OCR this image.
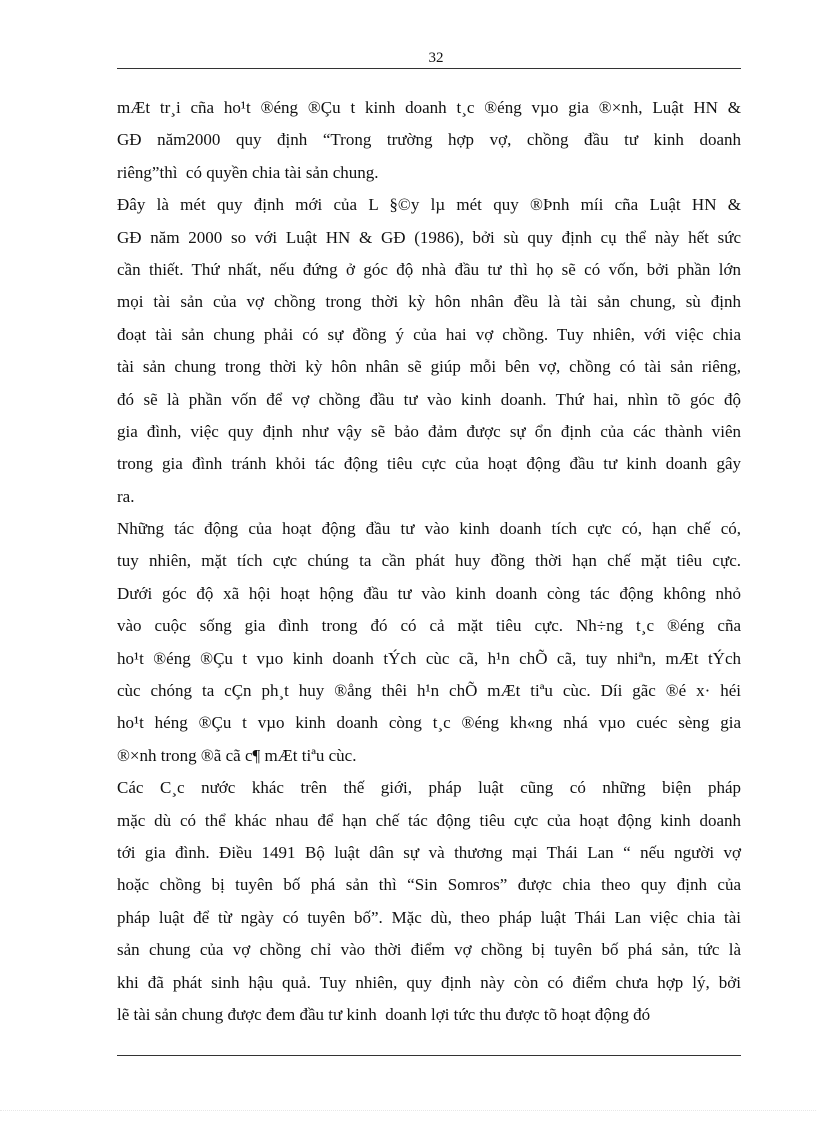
32
mÆt tr¸i cña ho¹t ®éng ®Çu t kinh doanh t¸c ®éng vµo gia ®×nh, Luật HN &
GĐ năm2000 quy định “Trong trường hợp vợ, chồng đầu tư kinh doanh
riêng”thì  có quyền chia tài sản chung.
Đây là mét quy định mới của L §©y lµ mét quy ®Þnh míi cña Luật HN &
GĐ năm 2000 so với Luật HN & GĐ (1986), bởi sù quy định cụ thể này hết sức
cần thiết. Thứ nhất, nếu đứng ở góc độ nhà đầu tư thì họ sẽ có vốn, bởi phần lớn
mọi tài sản của vợ chồng trong thời kỳ hôn nhân đều là tài sản chung, sù định
đoạt tài sản chung phải có sự đồng ý của hai vợ chồng. Tuy nhiên, với việc chia
tài sản chung trong thời kỳ hôn nhân sẽ giúp mỗi bên vợ, chồng có tài sản riêng,
đó sẽ là phần vốn để vợ chồng đầu tư vào kinh doanh. Thứ hai, nhìn tõ góc độ
gia đình, việc quy định như vậy sẽ bảo đảm được sự ổn định của các thành viên
trong gia đình tránh khỏi tác động tiêu cực của hoạt động đầu tư kinh doanh gây
ra.
Những tác động của hoạt động đầu tư vào kinh doanh tích cực có, hạn chế có,
tuy nhiên, mặt tích cực chúng ta cần phát huy đồng thời hạn chế mặt tiêu cực.
Dưới góc độ xã hội hoạt hộng đầu tư vào kinh doanh còng tác động không nhỏ
vào cuộc sống gia đình trong đó có cả mặt tiêu cực. Nh÷ng t¸c ®éng cña
ho¹t ®éng ®Çu t vµo kinh doanh tÝch cùc cã, h¹n chÕ cã, tuy nhiªn, mÆt tÝch
cùc chóng ta cÇn ph¸t huy ®ång thêi h¹n chÕ mÆt tiªu cùc. Díi gãc ®é x· héi
ho¹t héng ®Çu t vµo kinh doanh còng t¸c ®éng kh«ng nhá vµo cuéc sèng gia
®×nh trong ®ã cã c¶ mÆt tiªu cùc.
Các C¸c nước khác trên thế giới, pháp luật cũng có những biện pháp
mặc dù có thể khác nhau để hạn chế tác động tiêu cực của hoạt động kinh doanh
tới gia đình. Điều 1491 Bộ luật dân sự và thương mại Thái Lan “ nếu người vợ
hoặc chồng bị tuyên bố phá sản thì “Sin Somros” được chia theo quy định của
pháp luật để từ ngày có tuyên bố”. Mặc dù, theo pháp luật Thái Lan việc chia tài
sản chung của vợ chồng chỉ vào thời điểm vợ chồng bị tuyên bố phá sản, tức là
khi đã phát sinh hậu quả. Tuy nhiên, quy định này còn có điểm chưa hợp lý, bởi
lẽ tài sản chung được đem đầu tư kinh  doanh lợi tức thu được tõ hoạt động đó
